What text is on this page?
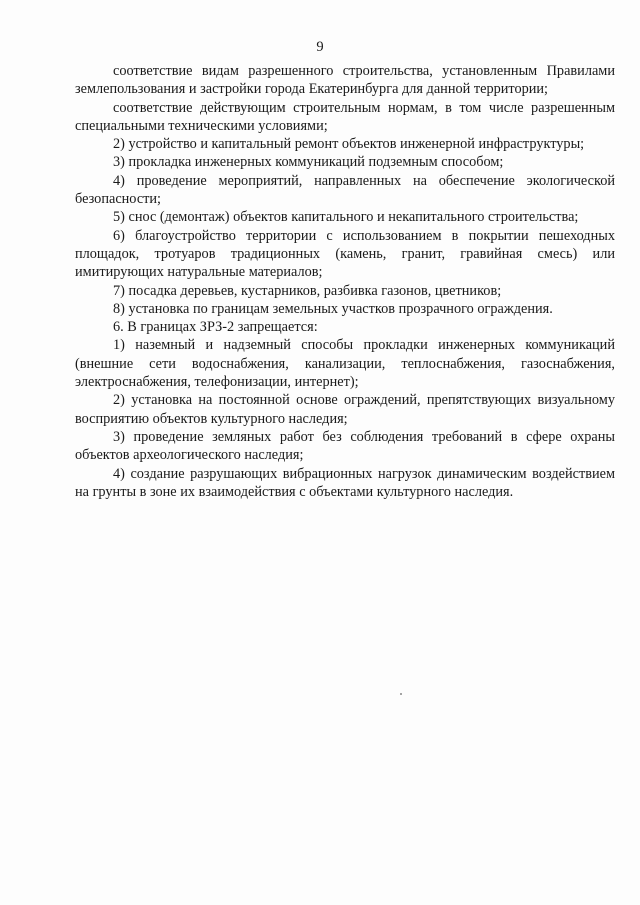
9

соответствие видам разрешенного строительства, установленным Правилами землепользования и застройки города Екатеринбурга для данной территории;

соответствие действующим строительным нормам, в том числе разрешенным специальными техническими условиями;

2) устройство и капитальный ремонт объектов инженерной инфраструктуры;

3) прокладка инженерных коммуникаций подземным способом;

4) проведение мероприятий, направленных на обеспечение экологической безопасности;

5) снос (демонтаж) объектов капитального и некапитального строительства;

6) благоустройство территории с использованием в покрытии пешеходных площадок, тротуаров традиционных (камень, гранит, гравийная смесь) или имитирующих натуральные материалов;

7) посадка деревьев, кустарников, разбивка газонов, цветников;

8) установка по границам земельных участков прозрачного ограждения.

6. В границах ЗРЗ-2 запрещается:

1) наземный и надземный способы прокладки инженерных коммуникаций (внешние сети водоснабжения, канализации, теплоснабжения, газоснабжения, электроснабжения, телефонизации, интернет);

2) установка на постоянной основе ограждений, препятствующих визуальному восприятию объектов культурного наследия;

3) проведение земляных работ без соблюдения требований в сфере охраны объектов археологического наследия;

4) создание разрушающих вибрационных нагрузок динамическим воздействием на грунты в зоне их взаимодействия с объектами культурного наследия.
